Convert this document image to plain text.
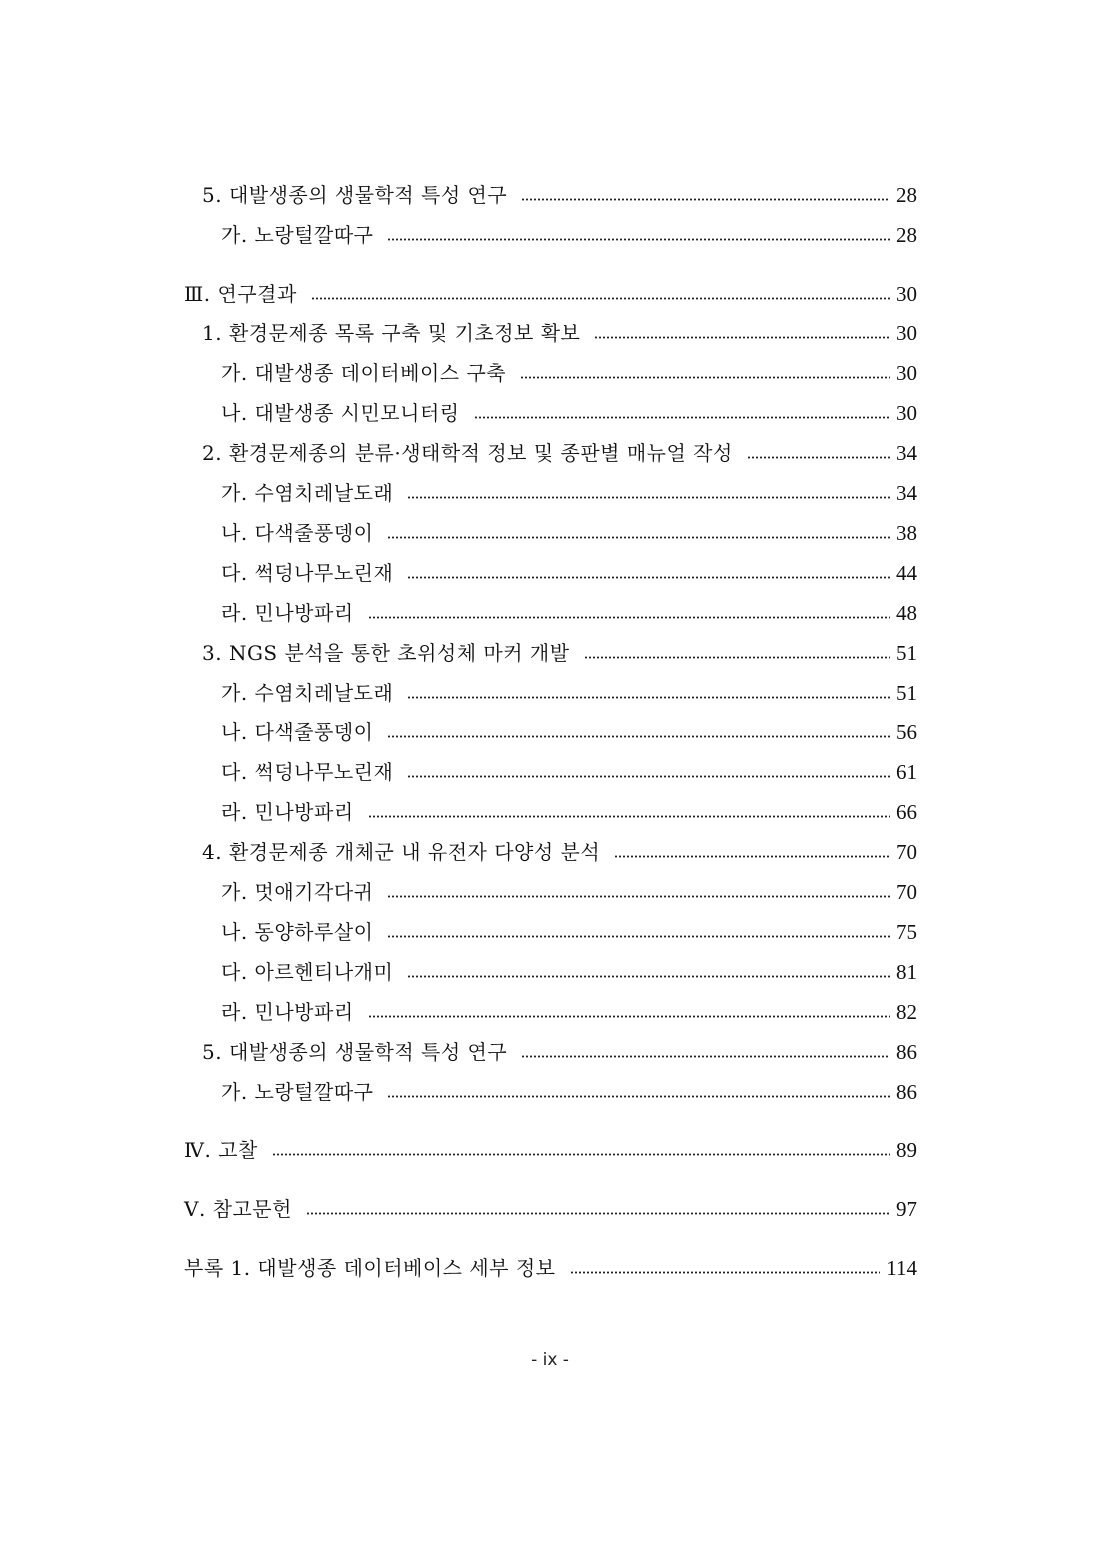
5. 대발생종의 생물학적 특성 연구	28
가. 노랑털깔따구	28
Ⅲ. 연구결과	30
1. 환경문제종 목록 구축 및 기초정보 확보	30
가. 대발생종 데이터베이스 구축	30
나. 대발생종 시민모니터링	30
2. 환경문제종의 분류·생태학적 정보 및 종판별 매뉴얼 작성	34
가. 수염치레날도래	34
나. 다색줄풍뎅이	38
다. 썩덩나무노린재	44
라. 민나방파리	48
3. NGS 분석을 통한 초위성체 마커 개발	51
가. 수염치레날도래	51
나. 다색줄풍뎅이	56
다. 썩덩나무노린재	61
라. 민나방파리	66
4. 환경문제종 개체군 내 유전자 다양성 분석	70
가. 멋애기각다귀	70
나. 동양하루살이	75
다. 아르헨티나개미	81
라. 민나방파리	82
5. 대발생종의 생물학적 특성 연구	86
가. 노랑털깔따구	86
Ⅳ. 고찰	89
Ⅴ. 참고문헌	97
부록 1. 대발생종 데이터베이스 세부 정보	114
- ix -
